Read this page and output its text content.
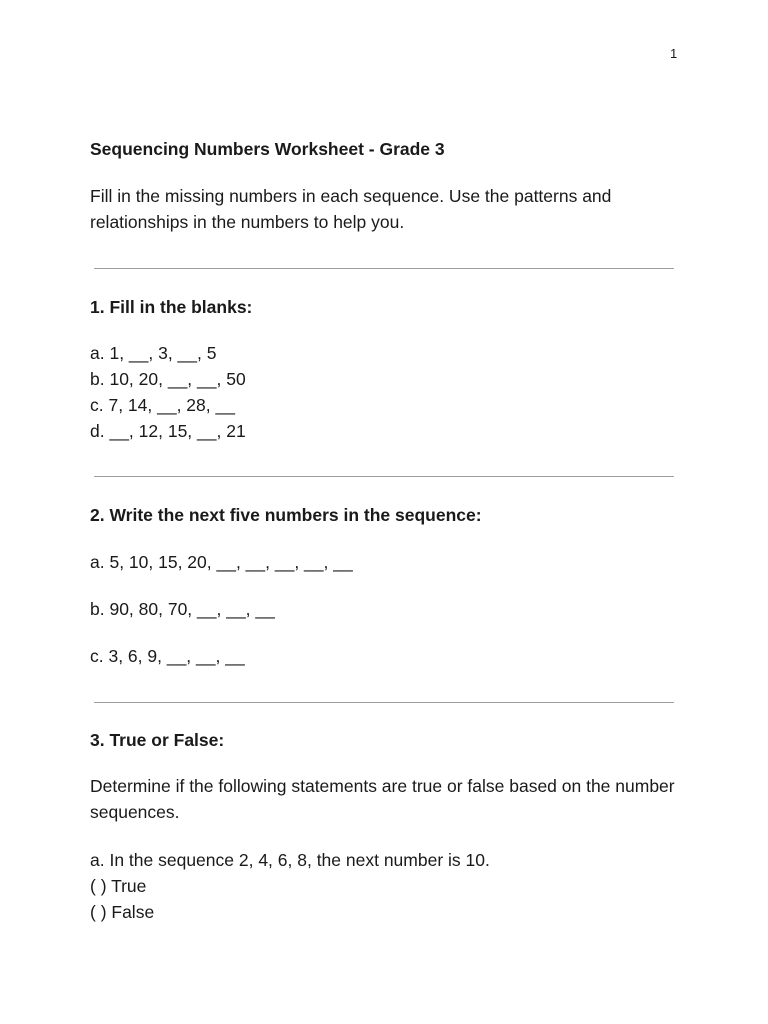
1
Sequencing Numbers Worksheet - Grade 3

Fill in the missing numbers in each sequence. Use the patterns and relationships in the numbers to help you.

1. Fill in the blanks:
a. 1, __, 3, __, 5
b. 10, 20, __, __, 50
c. 7, 14, __, 28, __
d. __, 12, 15, __, 21
2. Write the next five numbers in the sequence:

a. 5, 10, 15, 20, __, __, __, __, __

b. 90, 80, 70, __, __, __

c. 3, 6, 9, __, __, __

3. True or False:

Determine if the following statements are true or false based on the number sequences.

a. In the sequence 2, 4, 6, 8, the next number is 10.
( ) True
( ) False
